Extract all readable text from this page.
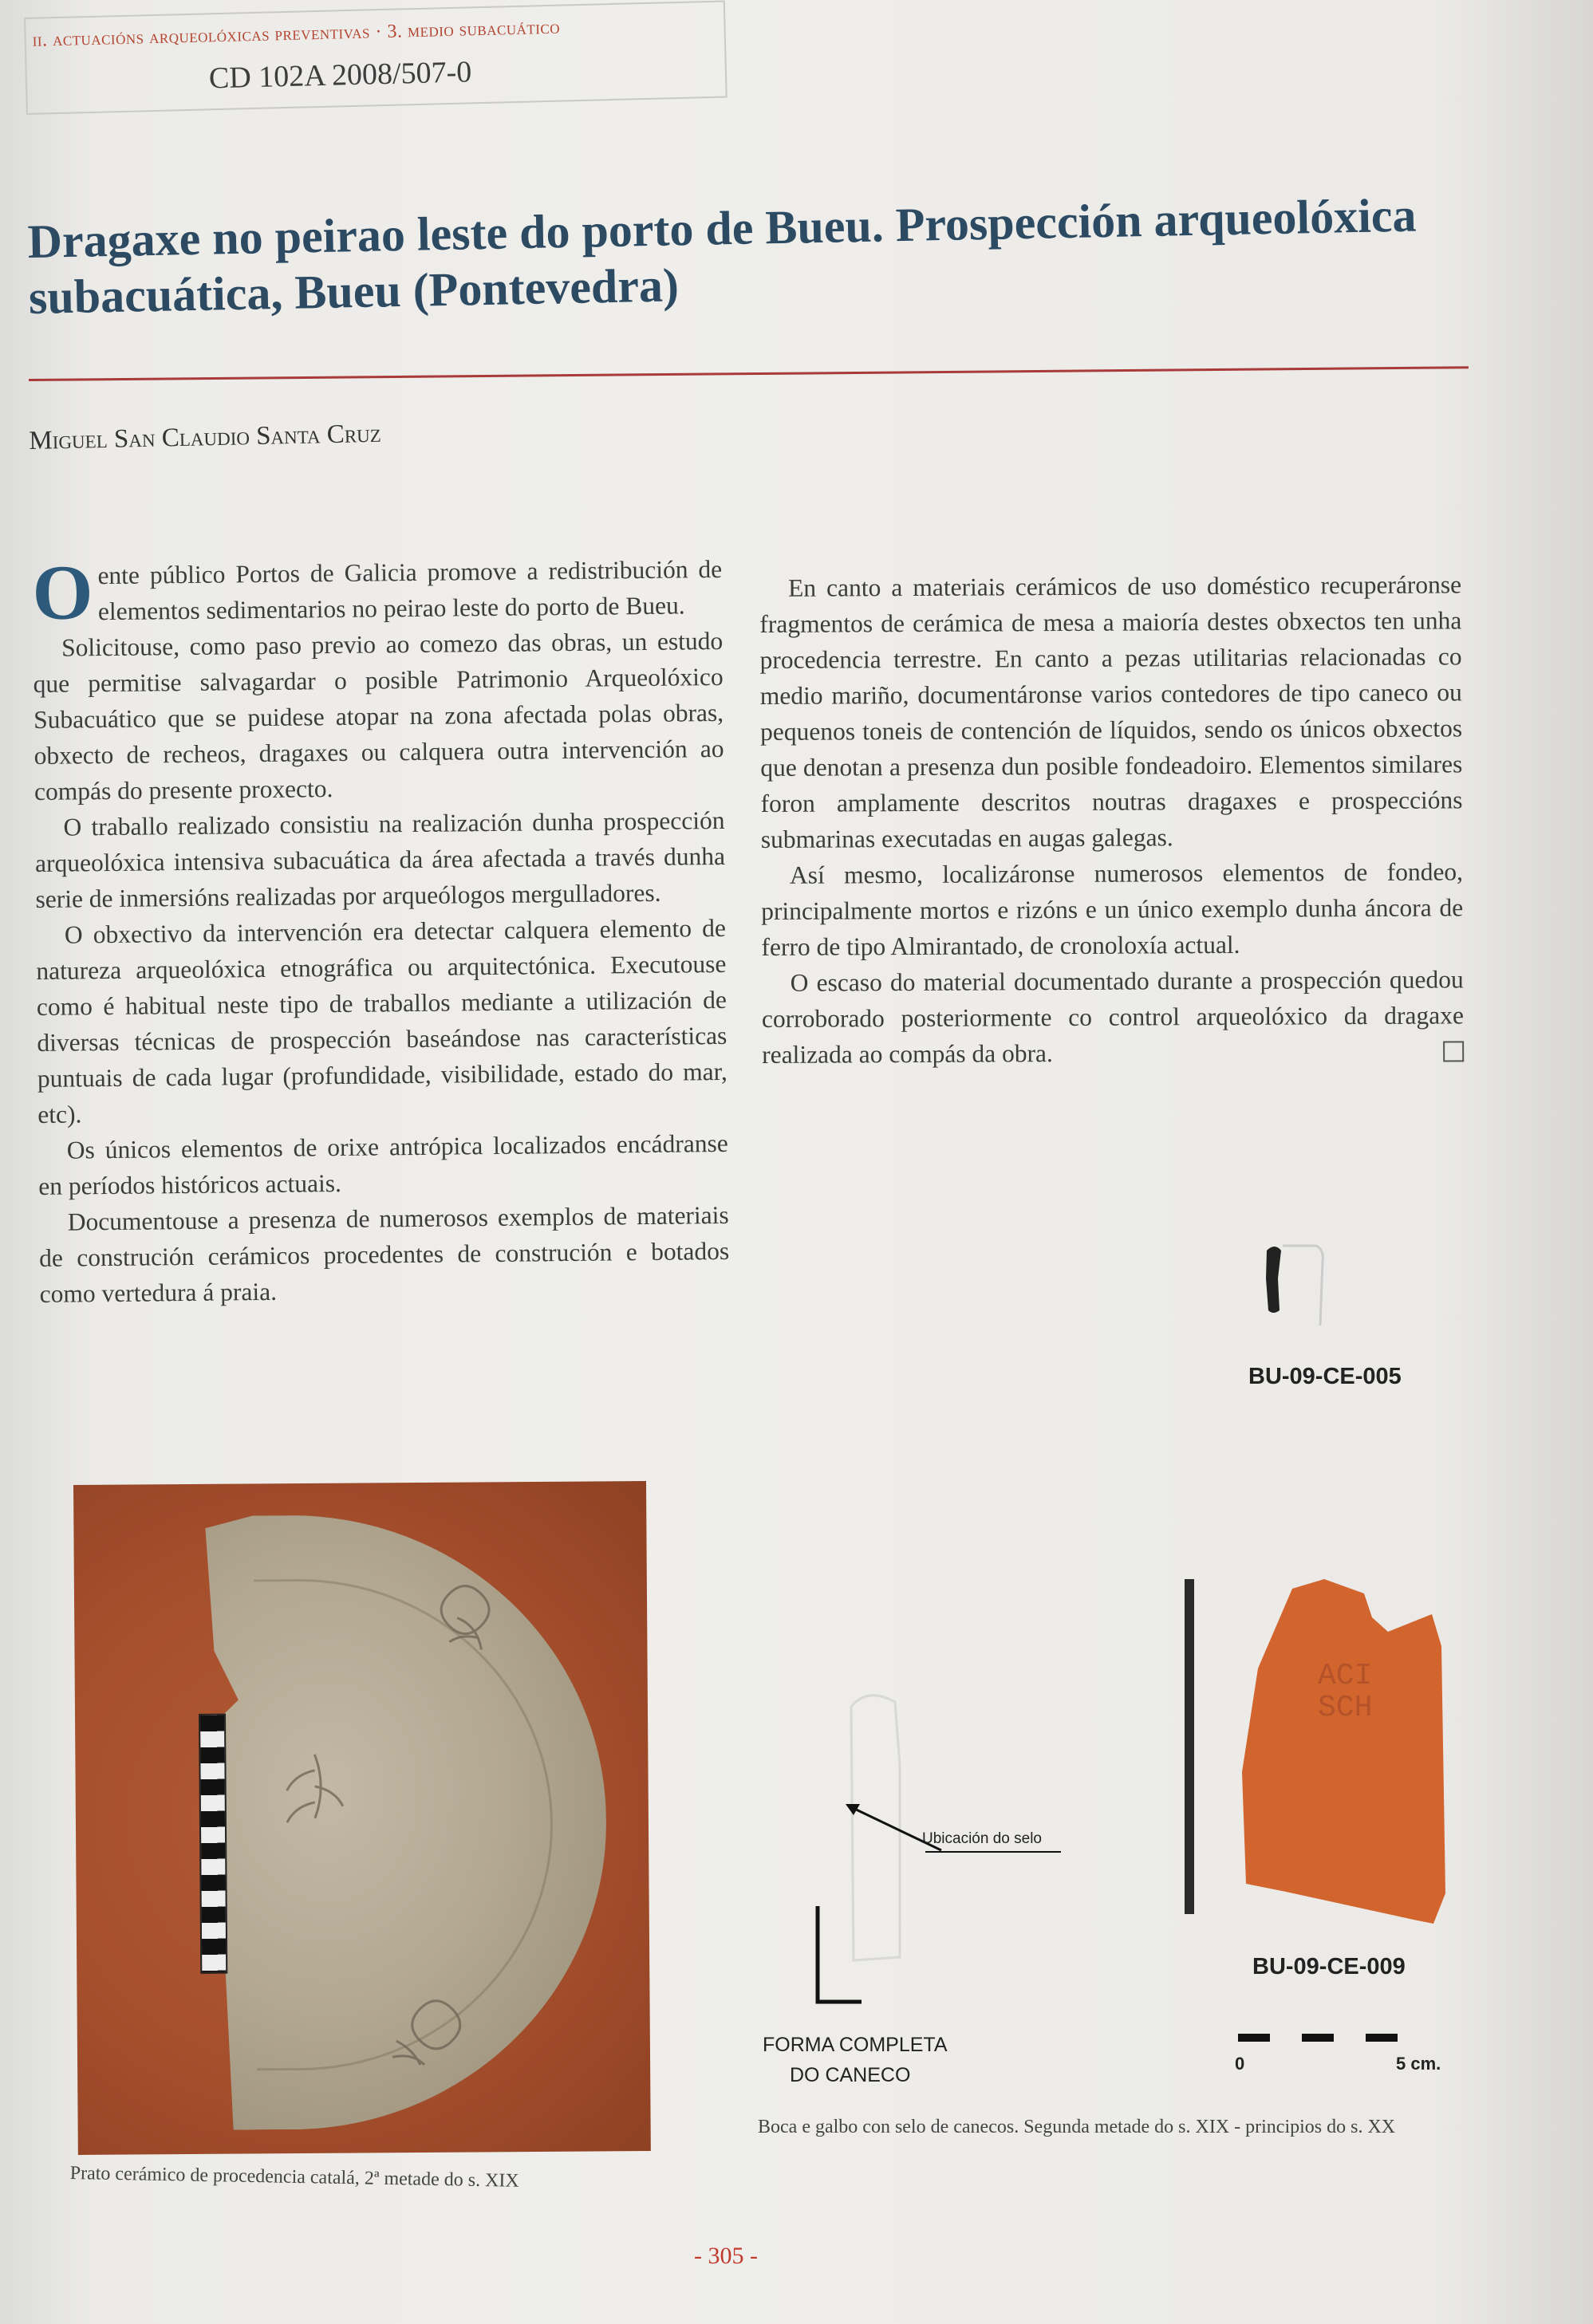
ii. actuacións arqueolóxicas preventivas · 3. medio subacuático
CD 102A 2008/507-0
Dragaxe no peirao leste do porto de Bueu. Prospección arqueolóxica subacuática, Bueu (Pontevedra)
Miguel San Claudio Santa Cruz

O ente público Portos de Galicia promove a redistribución de elementos sedimentarios no peirao leste do porto de Bueu.

Solicitouse, como paso previo ao comezo das obras, un estudo que permitise salvagardar o posible Patrimonio Arqueolóxico Subacuático que se puidese atopar na zona afectada polas obras, obxecto de recheos, dragaxes ou calquera outra intervención ao compás do presente proxecto.

O traballo realizado consistiu na realización dunha prospección arqueolóxica intensiva subacuática da área afectada a través dunha serie de inmersións realizadas por arqueólogos mergulladores.

O obxectivo da intervención era detectar calquera elemento de natureza arqueolóxica etnográfica ou arquitectónica. Executouse como é habitual neste tipo de traballos mediante a utilización de diversas técnicas de prospección baseándose nas características puntuais de cada lugar (profundidade, visibilidade, estado do mar, etc).

Os únicos elementos de orixe antrópica localizados encádranse en períodos históricos actuais.

Documentouse a presenza de numerosos exemplos de materiais de construción cerámicos procedentes de construción e botados como vertedura á praia.

En canto a materiais cerámicos de uso doméstico recuperáronse fragmentos de cerámica de mesa a maioría destes obxectos ten unha procedencia terrestre. En canto a pezas utilitarias relacionadas co medio mariño, documentáronse varios contedores de tipo caneco ou pequenos toneis de contención de líquidos, sendo os únicos obxectos que denotan a presenza dun posible fondeadoiro. Elementos similares foron amplamente descritos noutras dragaxes e prospeccións submarinas executadas en augas galegas.

Así mesmo, localizáronse numerosos elementos de fondeo, principalmente mortos e rizóns e un único exemplo dunha áncora de ferro de tipo Almirantado, de cronoloxía actual.

O escaso do material documentado durante a prospección quedou corroborado posteriormente co control arqueolóxico da dragaxe realizada ao compás da obra.

Prato cerámico de procedencia catalá, 2ª metade do s. XIX
BU-09-CE-005
BU-09-CE-009
Ubicación do selo
FORMA COMPLETA
DO CANECO
0	5 cm.
ACI
SCH
Boca e galbo con selo de canecos. Segunda metade do s. XIX - principios do s. XX
- 305 -
